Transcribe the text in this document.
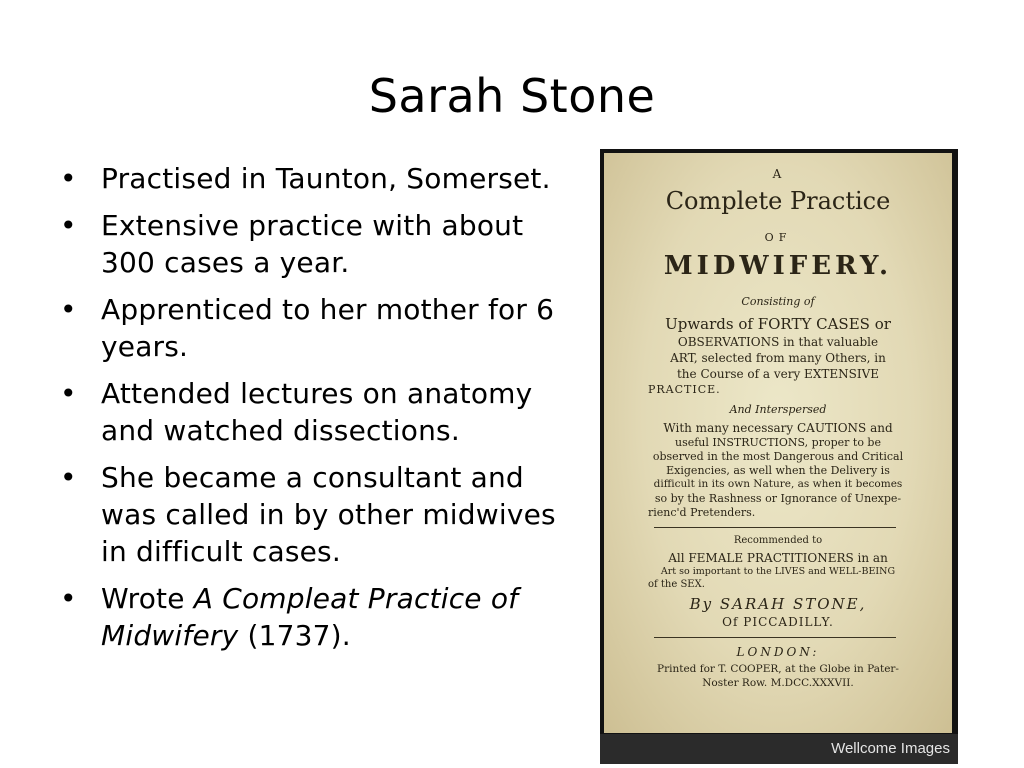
Sarah Stone
• Practised in Taunton, Somerset.
• Extensive practice with about 300 cases a year.
• Apprenticed to her mother for 6 years.
• Attended lectures on anatomy and watched dissections.
• She became a consultant and was called in by other midwives in difficult cases.
• Wrote A Compleat Practice of Midwifery (1737).
A
Complete Practice
OF
MIDWIFERY.
Consisting of
Upwards of FORTY CASES or
OBSERVATIONS in that valuable
ART, selected from many Others, in
the Course of a very EXTENSIVE
PRACTICE.
And Interspersed
With many necessary CAUTIONS and
useful INSTRUCTIONS, proper to be
observed in the most Dangerous and Critical
Exigencies, as well when the Delivery is
difficult in its own Nature, as when it becomes
so by the Rashness or Ignorance of Unexpe-
rienc'd Pretenders.
Recommended to
All FEMALE PRACTITIONERS in an
Art so important to the LIVES and WELL-BEING
of the SEX.
By SARAH STONE,
Of PICCADILLY.
LONDON:
Printed for T. COOPER, at the Globe in Pater-
Noster Row. M.DCC.XXXVII.
Wellcome Images
